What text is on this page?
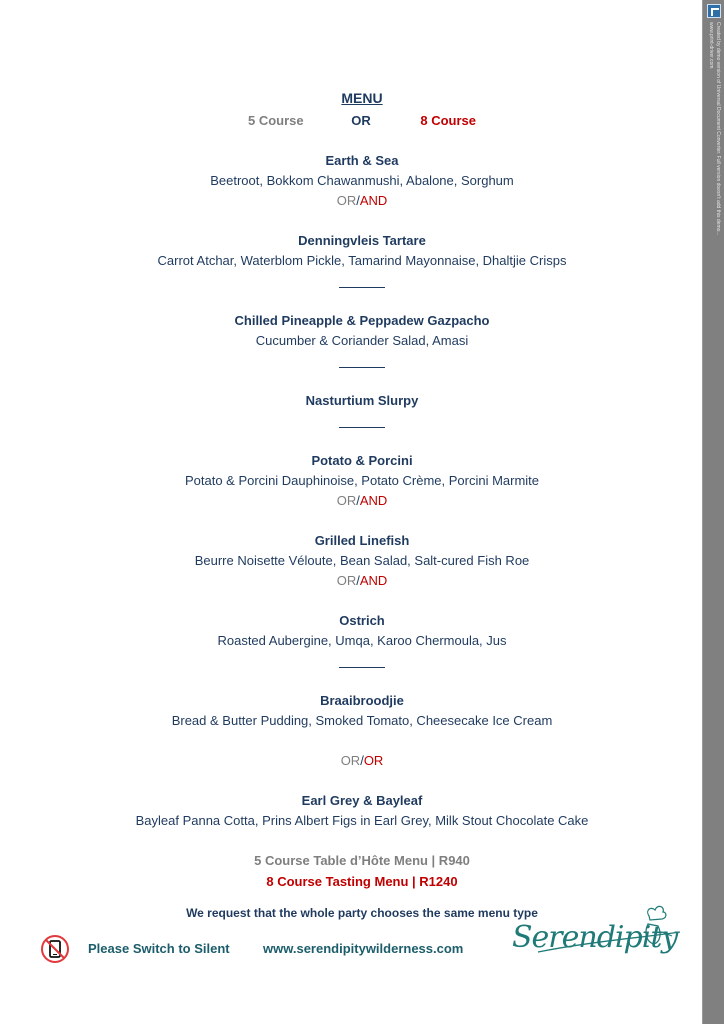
MENU
5 Course	OR	8 Course
Earth & Sea
Beetroot, Bokkom Chawanmushi, Abalone, Sorghum
OR/AND
Denningvleis Tartare
Carrot Atchar, Waterblom Pickle, Tamarind Mayonnaise, Dhaltjie Crisps
Chilled Pineapple & Peppadew Gazpacho
Cucumber & Coriander Salad, Amasi
Nasturtium Slurpy
Potato & Porcini
Potato & Porcini Dauphinoise, Potato Crème, Porcini Marmite
OR/AND
Grilled Linefish
Beurre Noisette Véloute, Bean Salad, Salt-cured Fish Roe
OR/AND
Ostrich
Roasted Aubergine, Umqa, Karoo Chermoula, Jus
Braaibroodjie
Bread & Butter Pudding, Smoked Tomato, Cheesecake Ice Cream
OR/OR
Earl Grey & Bayleaf
Bayleaf Panna Cotta, Prins Albert Figs in Earl Grey, Milk Stout Chocolate Cake
5 Course Table d’Hôte Menu | R940
8 Course Tasting Menu | R1240
We request that the whole party chooses the same menu type
Please Switch to Silent	www.serendipitywilderness.com Serendipity
Created by demo version of Universal Document Converter. Full version doesn't add this demo...
www.print-driver.com
